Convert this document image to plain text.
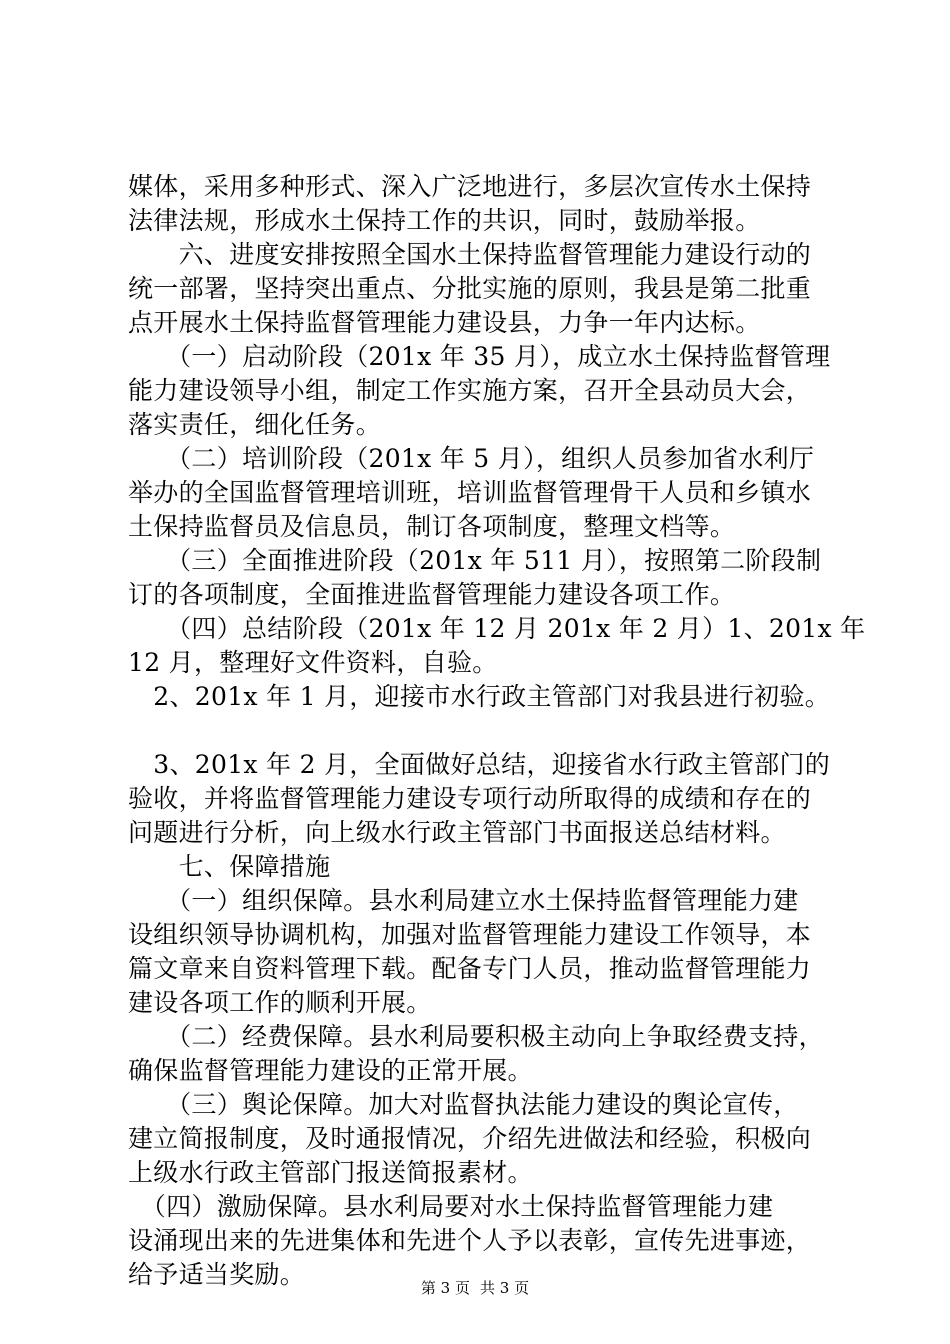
媒体，采用多种形式、深入广泛地进行，多层次宣传水土保持
法律法规，形成水土保持工作的共识，同时，鼓励举报。
　　六、进度安排按照全国水土保持监督管理能力建设行动的
统一部署，坚持突出重点、分批实施的原则，我县是第二批重
点开展水土保持监督管理能力建设县，力争一年内达标。
　　（一）启动阶段（201x 年 35 月），成立水土保持监督管理
能力建设领导小组，制定工作实施方案，召开全县动员大会，
落实责任，细化任务。
　　（二）培训阶段（201x 年 5 月），组织人员参加省水利厅
举办的全国监督管理培训班，培训监督管理骨干人员和乡镇水
土保持监督员及信息员，制订各项制度，整理文档等。
　　（三）全面推进阶段（201x 年 511 月），按照第二阶段制
订的各项制度，全面推进监督管理能力建设各项工作。
　　（四）总结阶段（201x 年 12 月 201x 年 2 月）1、201x 年
12 月，整理好文件资料，自验。
　2、201x 年 1 月，迎接市水行政主管部门对我县进行初验。
　3、201x 年 2 月，全面做好总结，迎接省水行政主管部门的
验收，并将监督管理能力建设专项行动所取得的成绩和存在的
问题进行分析，向上级水行政主管部门书面报送总结材料。
　　七、保障措施
　　（一）组织保障。县水利局建立水土保持监督管理能力建
设组织领导协调机构，加强对监督管理能力建设工作领导，本
篇文章来自资料管理下载。配备专门人员，推动监督管理能力
建设各项工作的顺利开展。
　　（二）经费保障。县水利局要积极主动向上争取经费支持，
确保监督管理能力建设的正常开展。
　　（三）舆论保障。加大对监督执法能力建设的舆论宣传，
建立简报制度，及时通报情况，介绍先进做法和经验，积极向
上级水行政主管部门报送简报素材。
　（四）激励保障。县水利局要对水土保持监督管理能力建
设涌现出来的先进集体和先进个人予以表彰，宣传先进事迹，
给予适当奖励。	第 3 页 共 3 页
